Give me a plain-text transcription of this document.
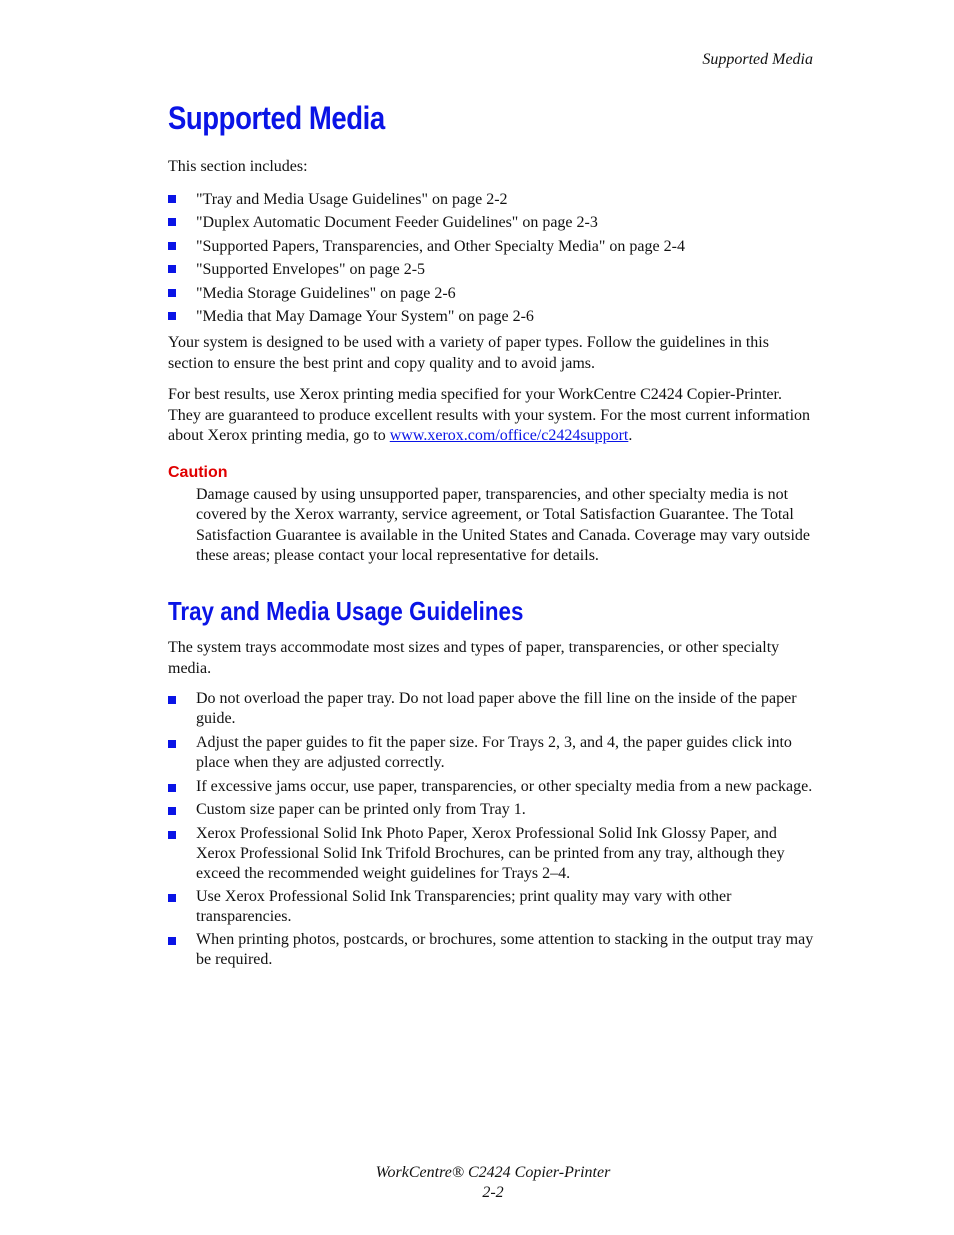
Supported Media
Supported Media

This section includes:

"Tray and Media Usage Guidelines" on page 2-2
"Duplex Automatic Document Feeder Guidelines" on page 2-3
"Supported Papers, Transparencies, and Other Specialty Media" on page 2-4
"Supported Envelopes" on page 2-5
"Media Storage Guidelines" on page 2-6
"Media that May Damage Your System" on page 2-6

Your system is designed to be used with a variety of paper types. Follow the guidelines in this section to ensure the best print and copy quality and to avoid jams.

For best results, use Xerox printing media specified for your WorkCentre C2424 Copier-Printer. They are guaranteed to produce excellent results with your system. For the most current information about Xerox printing media, go to www.xerox.com/office/c2424support.

Caution

Damage caused by using unsupported paper, transparencies, and other specialty media is not covered by the Xerox warranty, service agreement, or Total Satisfaction Guarantee. The Total Satisfaction Guarantee is available in the United States and Canada. Coverage may vary outside these areas; please contact your local representative for details.

Tray and Media Usage Guidelines

The system trays accommodate most sizes and types of paper, transparencies, or other specialty media.

Do not overload the paper tray. Do not load paper above the fill line on the inside of the paper guide.
Adjust the paper guides to fit the paper size. For Trays 2, 3, and 4, the paper guides click into place when they are adjusted correctly.
If excessive jams occur, use paper, transparencies, or other specialty media from a new package.
Custom size paper can be printed only from Tray 1.
Xerox Professional Solid Ink Photo Paper, Xerox Professional Solid Ink Glossy Paper, and Xerox Professional Solid Ink Trifold Brochures, can be printed from any tray, although they exceed the recommended weight guidelines for Trays 2–4.
Use Xerox Professional Solid Ink Transparencies; print quality may vary with other transparencies.
When printing photos, postcards, or brochures, some attention to stacking in the output tray may be required.
WorkCentre® C2424 Copier-Printer
2-2
